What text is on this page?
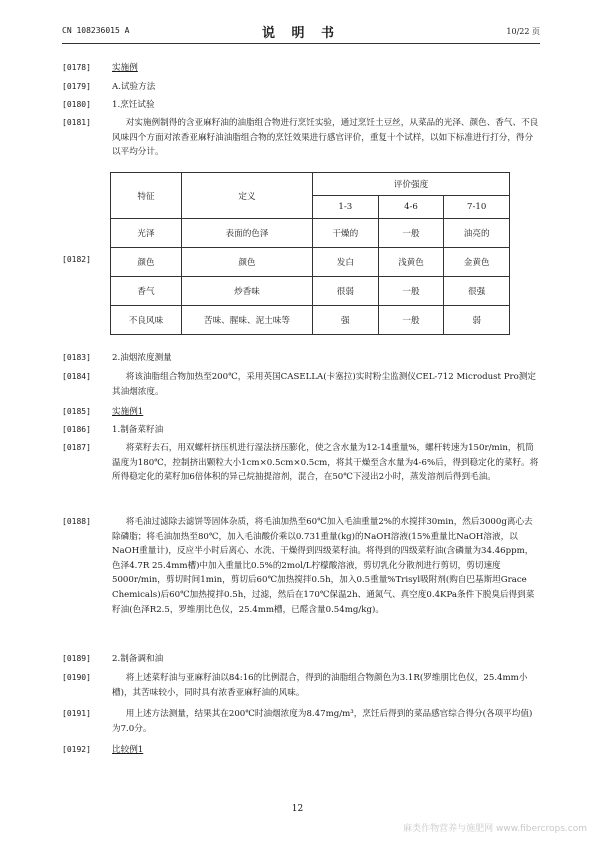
CN 108236015 A	说 明 书	10/22 页
[0178]	实施例
[0179]	A.试验方法
[0180]	1.烹饪试验
[0181]	对实施例制得的含亚麻籽油的油脂组合物进行烹饪实验，通过烹饪土豆丝，从菜品的光泽、颜色、香气、不良风味四个方面对浓香亚麻籽油油脂组合物的烹饪效果进行感官评价，重复十个试样，以如下标准进行打分，得分以平均分计。
[0182]
特征	定义	评价强度		
		1-3	4-6	7-10
光泽	表面的色泽	干燥的	一般	油亮的
颜色	颜色	发白	浅黄色	金黄色
香气	炒香味	很弱	一般	很强
不良风味	苦味、腥味、泥土味等	强	一般	弱
[0183]	2.油烟浓度测量
[0184]	将该油脂组合物加热至200℃，采用英国CASELLA(卡塞拉)实时粉尘监测仪CEL-712 Microdust Pro测定其油烟浓度。
[0185]	实施例1
[0186]	1.制备菜籽油
[0187]	将菜籽去石，用双螺杆挤压机进行湿法挤压膨化，使之含水量为12-14重量%，螺杆转速为150r/min，机筒温度为180℃，控制挤出颗粒大小1cm×0.5cm×0.5cm，将其干燥至含水量为4-6%后，得到稳定化的菜籽。将所得稳定化的菜籽加6倍体积的异己烷抽提溶剂，混合，在50℃下浸出2小时，蒸发溶剂后得到毛油。
[0188]	将毛油过滤除去滤饼等固体杂质，将毛油加热至60℃加入毛油重量2%的水搅拌30min，然后3000g离心去除磷脂；将毛油加热至80℃，加入毛油酸价乘以0.731重量(kg)的NaOH溶液(15%重量比NaOH溶液，以NaOH重量计)，反应半小时后离心、水洗、干燥得到四级菜籽油。将得到的四级菜籽油(含磷量为34.46ppm，色泽4.7R 25.4mm槽)中加入重量比0.5%的2mol/L柠檬酸溶液，剪切乳化分散剂进行剪切，剪切速度5000r/min，剪切时间1min，剪切后60℃加热搅拌0.5h，加入0.5重量%Trisyl吸附剂(购自巴基斯坦Grace Chemicals)后60℃加热搅拌0.5h，过滤，然后在170℃保温2h、通氮气、真空度0.4KPa条件下脱臭后得到菜籽油(色泽R2.5，罗维朋比色仪，25.4mm槽，已醛含量0.54mg/kg)。
[0189]	2.制备调和油
[0190]	将上述菜籽油与亚麻籽油以84:16的比例混合，得到的油脂组合物颜色为3.1R(罗维朋比色仪，25.4mm小槽)，其苦味较小，同时具有浓香亚麻籽油的风味。
[0191]	用上述方法测量，结果其在200℃时油烟浓度为8.47mg/m³，烹饪后得到的菜品感官综合得分(各项平均值)为7.0分。
[0192]	比较例1
12
麻类作物营养与施肥网 www.fibercrops.com
